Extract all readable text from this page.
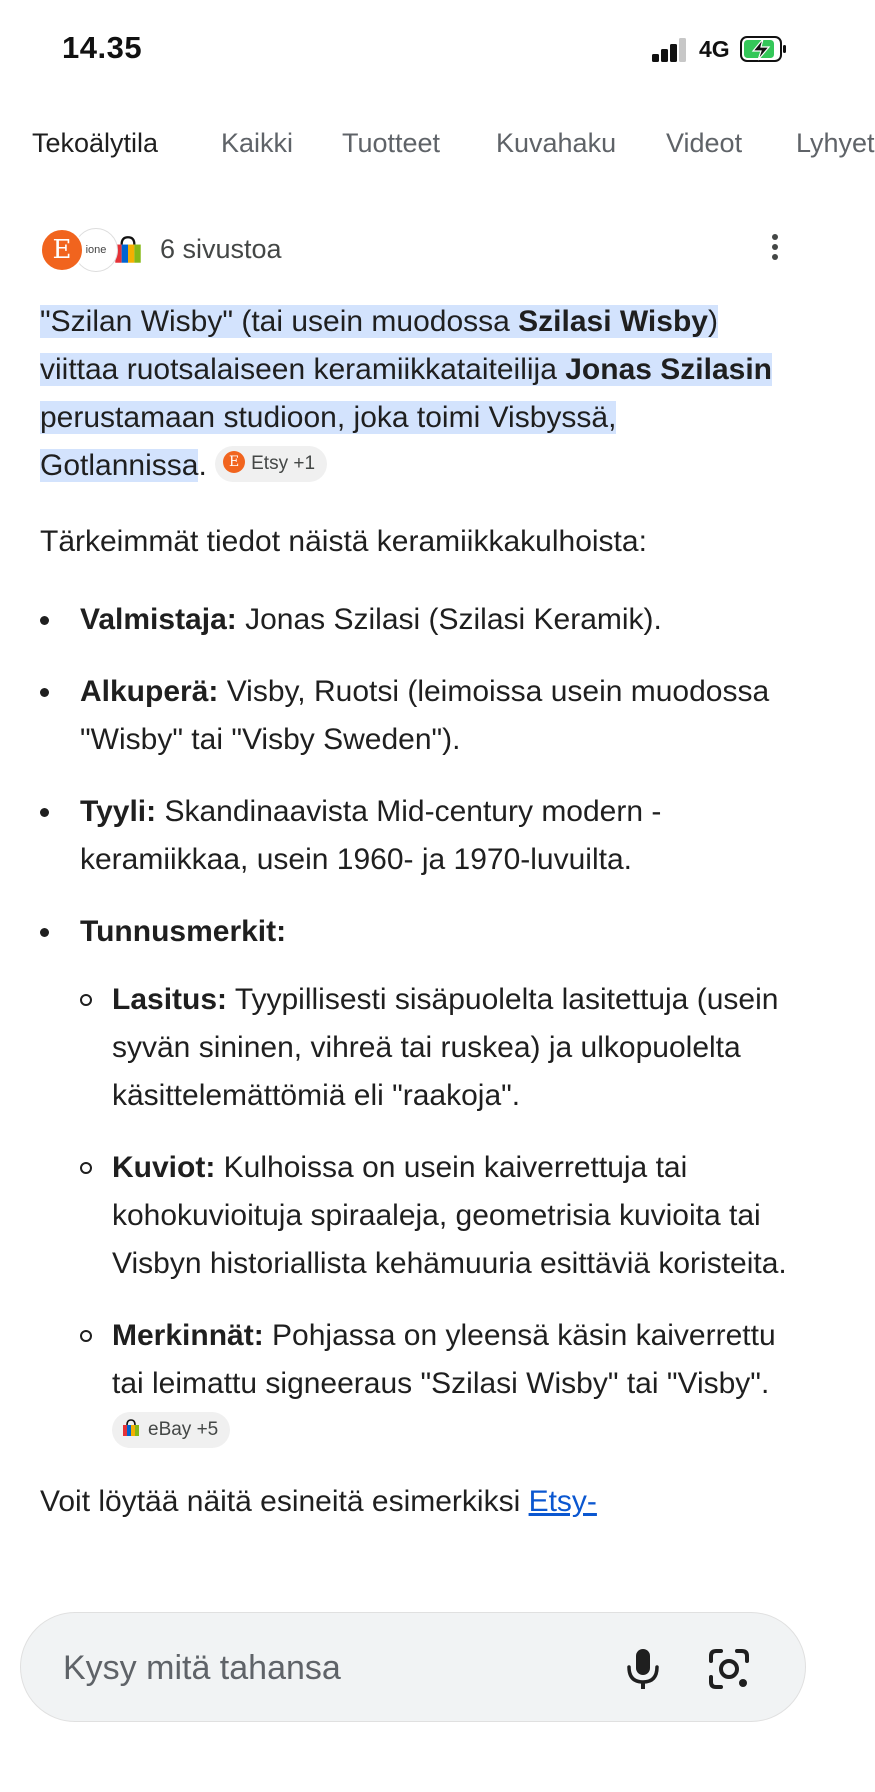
14.35	4G
Tekoälytila Kaikki Tuotteet Kuvahaku Videot Lyhyet
E	ione	6 sivustoa

"Szilan Wisby" (tai usein muodossa Szilasi Wisby) viittaa ruotsalaiseen keramiikkataiteilija Jonas Szilasin perustamaan studioon, joka toimi Visbyssä, Gotlannissa. E Etsy +1

Tärkeimmät tiedot näistä keramiikkakulhoista:

Valmistaja: Jonas Szilasi (Szilasi Keramik).
Alkuperä: Visby, Ruotsi (leimoissa usein muodossa "Wisby" tai "Visby Sweden").
Tyyli: Skandinaavista Mid-century modern -keramiikkaa, usein 1960- ja 1970-luvuilta.
Tunnusmerkit:
Lasitus: Tyypillisesti sisäpuolelta lasitettuja (usein syvän sininen, vihreä tai ruskea) ja ulkopuolelta käsittelemättömiä eli "raakoja".
Kuviot: Kulhoissa on usein kaiverrettuja tai kohokuvioituja spiraaleja, geometrisia kuvioita tai Visbyn historiallista kehämuuria esittäviä koristeita.
Merkinnät: Pohjassa on yleensä käsin kaiverrettu tai leimattu signeeraus "Szilasi Wisby" tai "Visby". eBay +5

Voit löytää näitä esineitä esimerkiksi Etsy-

Kysy mitä tahansa
